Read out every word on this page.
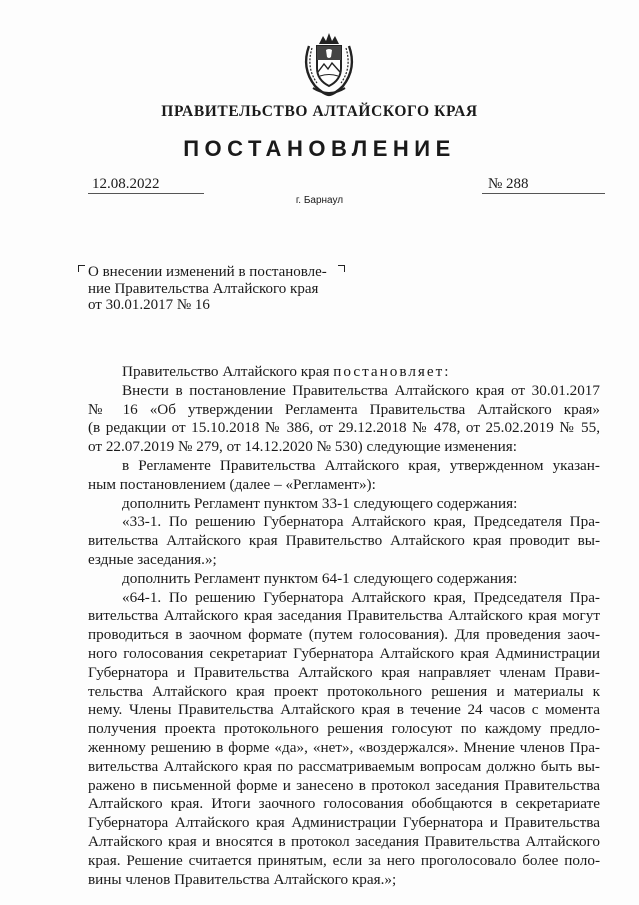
ПРАВИТЕЛЬСТВО АЛТАЙСКОГО КРАЯ
ПОСТАНОВЛЕНИЕ
12.08.2022	№ 288
г. Барнаул
О внесении изменений в постановле-
ние Правительства Алтайского края
от 30.01.2017 № 16
Правительство Алтайского края постановляет:
Внести в постановление Правительства Алтайского края от 30.01.2017
№ 16 «Об утверждении Регламента Правительства Алтайского края»
(в редакции от 15.10.2018 № 386, от 29.12.2018 № 478, от 25.02.2019 № 55,
от 22.07.2019 № 279, от 14.12.2020 № 530) следующие изменения:
в Регламенте Правительства Алтайского края, утвержденном указан-
ным постановлением (далее – «Регламент»):
дополнить Регламент пунктом 33-1 следующего содержания:
«33-1. По решению Губернатора Алтайского края, Председателя Пра-
вительства Алтайского края Правительство Алтайского края проводит вы-
ездные заседания.»;
дополнить Регламент пунктом 64-1 следующего содержания:
«64-1. По решению Губернатора Алтайского края, Председателя Пра-
вительства Алтайского края заседания Правительства Алтайского края могут
проводиться в заочном формате (путем голосования). Для проведения заоч-
ного голосования секретариат Губернатора Алтайского края Администрации
Губернатора и Правительства Алтайского края направляет членам Прави-
тельства Алтайского края проект протокольного решения и материалы к
нему. Члены Правительства Алтайского края в течение 24 часов с момента
получения проекта протокольного решения голосуют по каждому предло-
женному решению в форме «да», «нет», «воздержался». Мнение членов Пра-
вительства Алтайского края по рассматриваемым вопросам должно быть вы-
ражено в письменной форме и занесено в протокол заседания Правительства
Алтайского края. Итоги заочного голосования обобщаются в секретариате
Губернатора Алтайского края Администрации Губернатора и Правительства
Алтайского края и вносятся в протокол заседания Правительства Алтайского
края. Решение считается принятым, если за него проголосовало более поло-
вины членов Правительства Алтайского края.»;
